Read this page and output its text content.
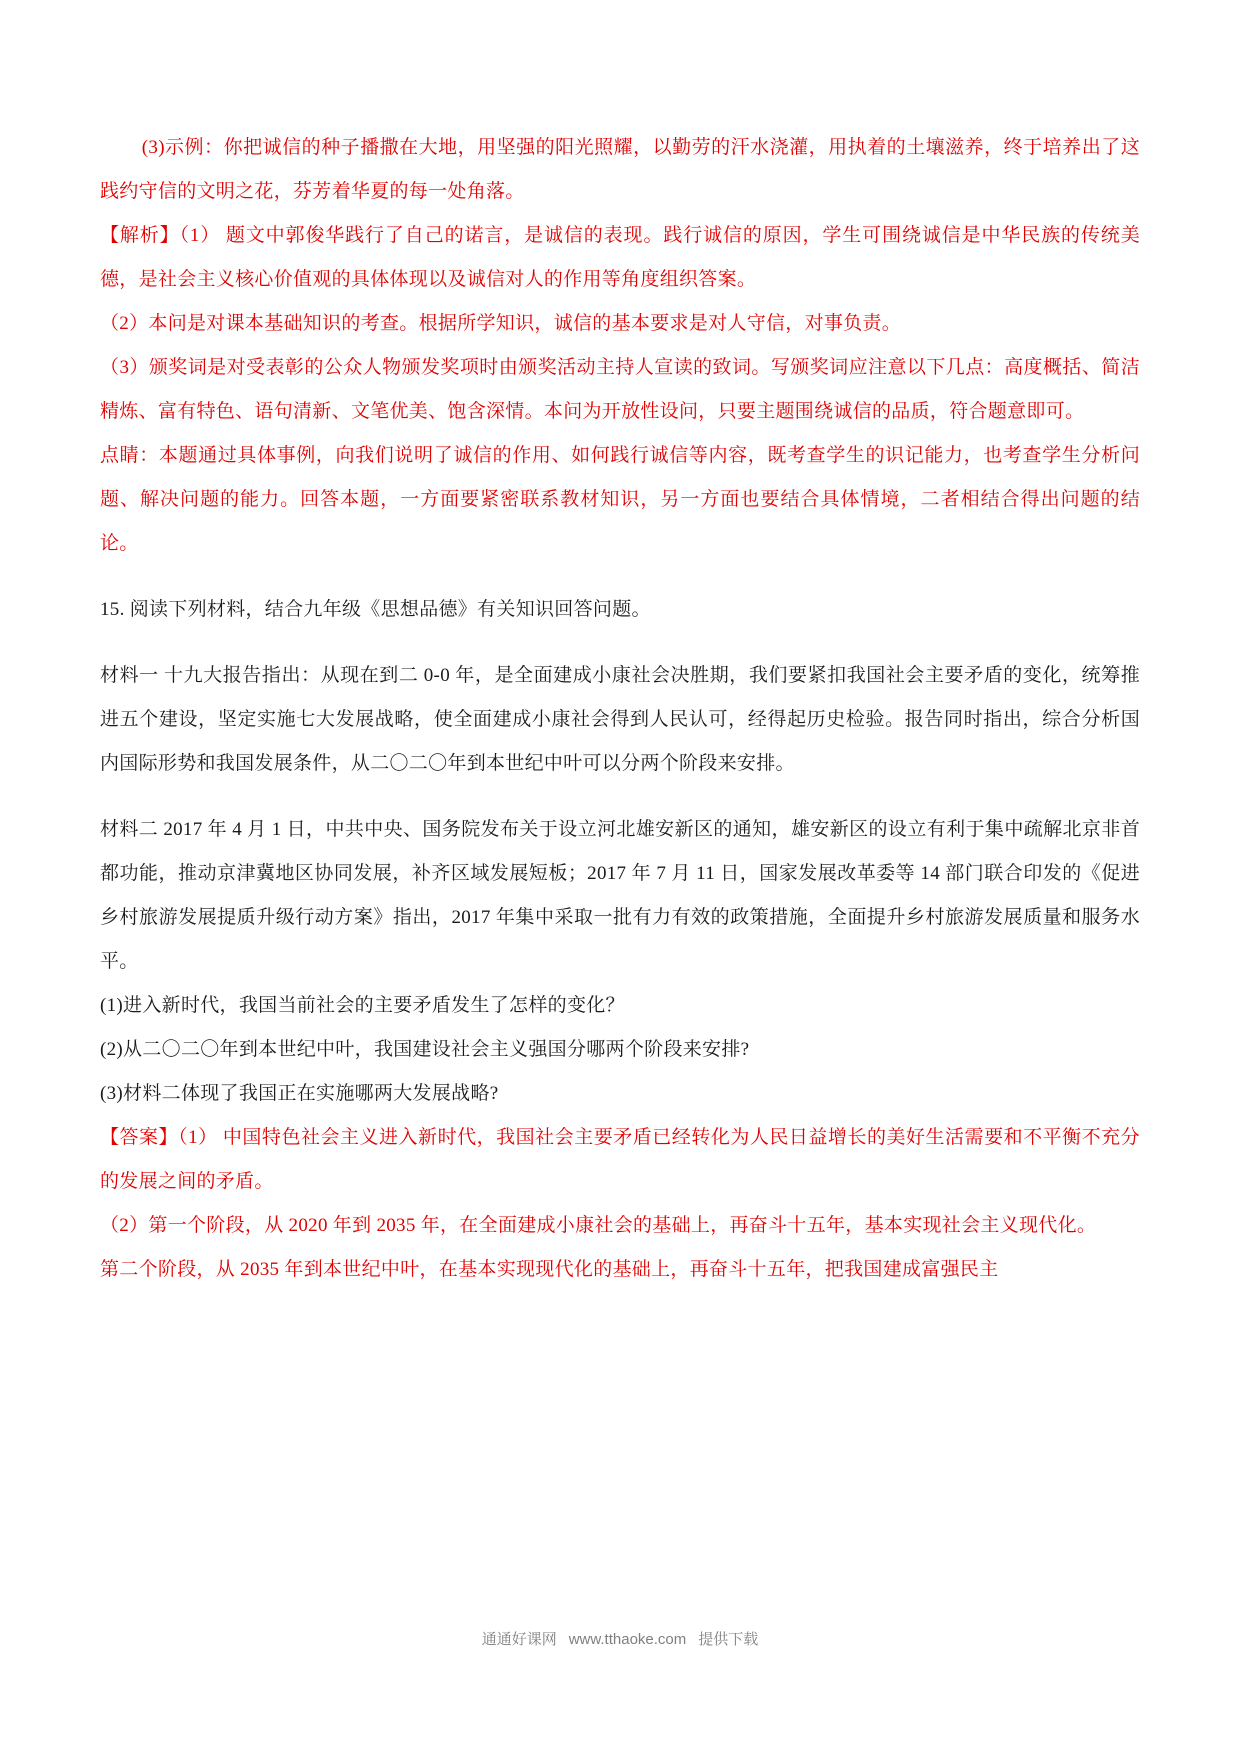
(3)示例：你把诚信的种子播撒在大地，用坚强的阳光照耀，以勤劳的汗水浇灌，用执着的土壤滋养，终于培养出了这践约守信的文明之花，芬芳着华夏的每一处角落。
【解析】（1） 题文中郭俊华践行了自己的诺言，是诚信的表现。践行诚信的原因，学生可围绕诚信是中华民族的传统美德，是社会主义核心价值观的具体体现以及诚信对人的作用等角度组织答案。
（2）本问是对课本基础知识的考查。根据所学知识，诚信的基本要求是对人守信，对事负责。
（3）颁奖词是对受表彰的公众人物颁发奖项时由颁奖活动主持人宣读的致词。写颁奖词应注意以下几点：高度概括、简洁精炼、富有特色、语句清新、文笔优美、饱含深情。本问为开放性设问，只要主题围绕诚信的品质，符合题意即可。
点睛：本题通过具体事例，向我们说明了诚信的作用、如何践行诚信等内容，既考查学生的识记能力，也考查学生分析问题、解决问题的能力。回答本题，一方面要紧密联系教材知识，另一方面也要结合具体情境，二者相结合得出问题的结论。
15. 阅读下列材料，结合九年级《思想品德》有关知识回答问题。
材料一 十九大报告指出：从现在到二 0-0 年，是全面建成小康社会决胜期，我们要紧扣我国社会主要矛盾的变化，统筹推进五个建设，坚定实施七大发展战略，使全面建成小康社会得到人民认可，经得起历史检验。报告同时指出，综合分析国内国际形势和我国发展条件，从二〇二〇年到本世纪中叶可以分两个阶段来安排。
材料二 2017 年 4 月 1 日，中共中央、国务院发布关于设立河北雄安新区的通知，雄安新区的设立有利于集中疏解北京非首都功能，推动京津冀地区协同发展，补齐区域发展短板；2017 年 7 月 11 日，国家发展改革委等 14 部门联合印发的《促进乡村旅游发展提质升级行动方案》指出，2017 年集中采取一批有力有效的政策措施，全面提升乡村旅游发展质量和服务水平。
(1)进入新时代，我国当前社会的主要矛盾发生了怎样的变化？
(2)从二〇二〇年到本世纪中叶，我国建设社会主义强国分哪两个阶段来安排?
(3)材料二体现了我国正在实施哪两大发展战略?
【答案】（1） 中国特色社会主义进入新时代，我国社会主要矛盾已经转化为人民日益增长的美好生活需要和不平衡不充分的发展之间的矛盾。
（2）第一个阶段，从 2020 年到 2035 年，在全面建成小康社会的基础上，再奋斗十五年，基本实现社会主义现代化。
第二个阶段，从 2035 年到本世纪中叶，在基本实现现代化的基础上，再奋斗十五年，把我国建成富强民主
通通好课网 www.tthaoke.com 提供下载
